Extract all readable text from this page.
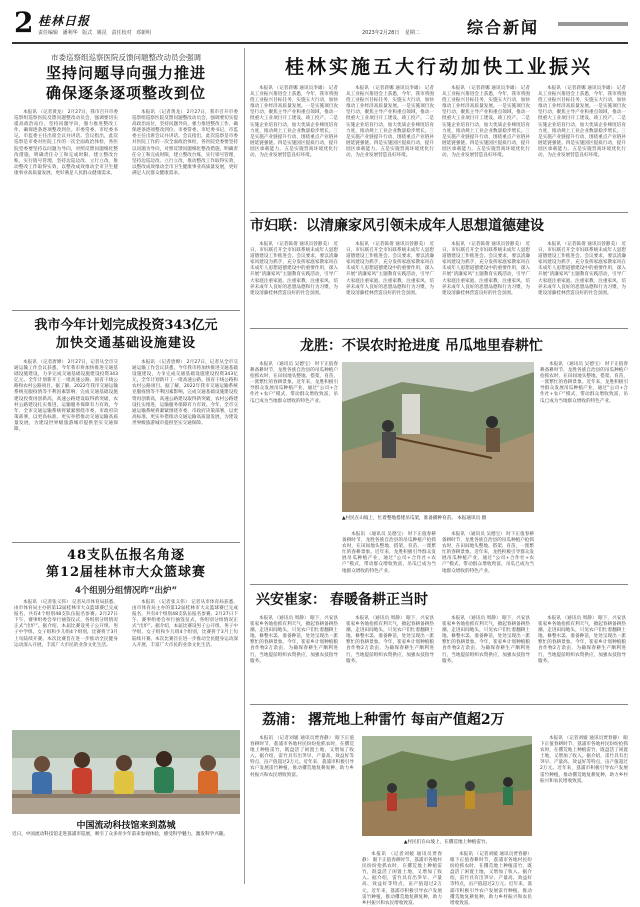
2 桂林日报
责任编辑 潘利华 版式 姚昆 责任校对 邓新明	2023年2月28日 星期二	综合新闻
市委巡察组巡察医院反馈问题整改动员会强调
坚持问题导向强力推进
确保逐条逐项整改到位
本报讯 （记者黄龙） 2月27日，我市召开市委巡察组巡察医院反馈问题整改动员会，强调要切实提高政治站位，坚持问题导向，强力推进整改工作，确保逐条逐项整改到位。市委常委、市纪委书记、市监委主任出席会议并讲话。会议指出，此次巡察是市委对医院工作的一次全面政治体检，各医院党委要坚持以问题为导向，对照反馈问题细化整改措施，明确责任分工和完成时限，建立整改台账，实行销号管理，坚持边巡边改、立行立改，推动整改工作取得实效，以整改成效推动全市卫生健康事业高质量发展，更好满足人民群众健康需求。
本报讯 （记者黄龙） 2月27日，我市召开市委巡察组巡察医院反馈问题整改动员会，强调要切实提高政治站位，坚持问题导向，强力推进整改工作，确保逐条逐项整改到位。市委常委、市纪委书记、市监委主任出席会议并讲话。会议指出，此次巡察是市委对医院工作的一次全面政治体检，各医院党委要坚持以问题为导向，对照反馈问题细化整改措施，明确责任分工和完成时限，建立整改台账，实行销号管理，坚持边巡边改、立行立改，推动整改工作取得实效，以整改成效推动全市卫生健康事业高质量发展，更好满足人民群众健康需求。
我市今年计划完成投资343亿元
加快交通基础设施建设
本报讯 （记者唐嫦） 2月27日，记者从全市交通运输工作会议获悉，今年我市将加快推进交通基础设施建设，力争完成交通基础设施建设投资343亿元，全年计划新开工一批高速公路、国省干线公路和农村公路项目。据了解，2022年我市交通运输系统克服疫情等不利因素影响，完成交通基础设施建设投资再创新高，高速公路建设取得新突破，农村公路建设扎实推进，运输服务保障有力有效。今年，全市交通运输系统将紧紧围绕市委、市政府决策部署，以更高标准、更实举措推动交通运输高质量发展，为建设世界级旅游城市提供坚实交通保障。
本报讯 （记者唐嫦） 2月27日，记者从全市交通运输工作会议获悉，今年我市将加快推进交通基础设施建设，力争完成交通基础设施建设投资343亿元，全年计划新开工一批高速公路、国省干线公路和农村公路项目。据了解，2022年我市交通运输系统克服疫情等不利因素影响，完成交通基础设施建设投资再创新高，高速公路建设取得新突破，农村公路建设扎实推进，运输服务保障有力有效。今年，全市交通运输系统将紧紧围绕市委、市政府决策部署，以更高标准、更实举措推动交通运输高质量发展，为建设世界级旅游城市提供坚实交通保障。
48支队伍报名角逐
第12届桂林市大众篮球赛
4个组别分组情况昨“出炉”
本报讯 （记者张义伟） 记者从市体育局获悉，由市体育局主办的第12届桂林市大众篮球赛已完成报名，共有4个组别48支队伍报名参赛。2月27日下午，赛事组委会举行抽签仪式，各组别分组情况正式“出炉”。据介绍，本届比赛设男子公开组、男子中学组、女子组和少儿组4个组别，比赛将于3月上旬陆续开赛。本次比赛旨在进一步推动全民健身运动深入开展，丰富广大市民的业余文化生活。
本报讯 （记者张义伟） 记者从市体育局获悉，由市体育局主办的第12届桂林市大众篮球赛已完成报名，共有4个组别48支队伍报名参赛。2月27日下午，赛事组委会举行抽签仪式，各组别分组情况正式“出炉”。据介绍，本届比赛设男子公开组、男子中学组、女子组和少儿组4个组别，比赛将于3月上旬陆续开赛。本次比赛旨在进一步推动全民健身运动深入开展，丰富广大市民的业余文化生活。
中国流动科技馆来到荔城
近日，中国流动科技馆走进荔浦市巡展，吸引了众多青少年前来参观体验，感受科学魅力，激发科学兴趣。
桂林实施五大行动加快工业振兴
本报讯 （记者蒋娜 通讯员李雄） 记者从工业振兴推进会上获悉，今年，我市将围绕工业振兴目标任务，实施五大行动，加快推动工业经济高质量发展。一是实施项目攻坚行动，聚焦主导产业和重点领域，推动一批重大工业项目开工建设、竣工投产。二是实施企业培育行动，加大优质企业梯度培育力度，推动规上工业企业数量稳步增长。三是实施产业链提升行动，围绕重点产业链补链延链强链。四是实施园区提质行动，提升园区承载能力。五是实施营商环境优化行动，为企业发展营造良好环境。
本报讯 （记者蒋娜 通讯员李雄） 记者从工业振兴推进会上获悉，今年，我市将围绕工业振兴目标任务，实施五大行动，加快推动工业经济高质量发展。一是实施项目攻坚行动，聚焦主导产业和重点领域，推动一批重大工业项目开工建设、竣工投产。二是实施企业培育行动，加大优质企业梯度培育力度，推动规上工业企业数量稳步增长。三是实施产业链提升行动，围绕重点产业链补链延链强链。四是实施园区提质行动，提升园区承载能力。五是实施营商环境优化行动，为企业发展营造良好环境。
本报讯 （记者蒋娜 通讯员李雄） 记者从工业振兴推进会上获悉，今年，我市将围绕工业振兴目标任务，实施五大行动，加快推动工业经济高质量发展。一是实施项目攻坚行动，聚焦主导产业和重点领域，推动一批重大工业项目开工建设、竣工投产。二是实施企业培育行动，加大优质企业梯度培育力度，推动规上工业企业数量稳步增长。三是实施产业链提升行动，围绕重点产业链补链延链强链。四是实施园区提质行动，提升园区承载能力。五是实施营商环境优化行动，为企业发展营造良好环境。
本报讯 （记者蒋娜 通讯员李雄） 记者从工业振兴推进会上获悉，今年，我市将围绕工业振兴目标任务，实施五大行动，加快推动工业经济高质量发展。一是实施项目攻坚行动，聚焦主导产业和重点领域，推动一批重大工业项目开工建设、竣工投产。二是实施企业培育行动，加大优质企业梯度培育力度，推动规上工业企业数量稳步增长。三是实施产业链提升行动，围绕重点产业链补链延链强链。四是实施园区提质行动，提升园区承载能力。五是实施营商环境优化行动，为企业发展营造良好环境。
市妇联：以清廉家风引领未成年人思想道德建设
本报讯 （记者陈倩 通讯员曾静美） 近日，市妇联召开全市妇联系统未成年人思想道德建设工作推进会。会议要求，要以清廉家风建设为抓手，充分发挥家庭家教家风在未成年人思想道德建设中的重要作用，深入开展“清廉家风”主题教育实践活动，引导广大家庭注重家庭、注重家教、注重家风，培养未成年人良好的思想品德和行为习惯，为建设清廉桂林营造良好的社会氛围。
本报讯 （记者陈倩 通讯员曾静美） 近日，市妇联召开全市妇联系统未成年人思想道德建设工作推进会。会议要求，要以清廉家风建设为抓手，充分发挥家庭家教家风在未成年人思想道德建设中的重要作用，深入开展“清廉家风”主题教育实践活动，引导广大家庭注重家庭、注重家教、注重家风，培养未成年人良好的思想品德和行为习惯，为建设清廉桂林营造良好的社会氛围。
本报讯 （记者陈倩 通讯员曾静美） 近日，市妇联召开全市妇联系统未成年人思想道德建设工作推进会。会议要求，要以清廉家风建设为抓手，充分发挥家庭家教家风在未成年人思想道德建设中的重要作用，深入开展“清廉家风”主题教育实践活动，引导广大家庭注重家庭、注重家教、注重家风，培养未成年人良好的思想品德和行为习惯，为建设清廉桂林营造良好的社会氛围。
本报讯 （记者陈倩 通讯员曾静美） 近日，市妇联召开全市妇联系统未成年人思想道德建设工作推进会。会议要求，要以清廉家风建设为抓手，充分发挥家庭家教家风在未成年人思想道德建设中的重要作用，深入开展“清廉家风”主题教育实践活动，引导广大家庭注重家庭、注重家教、注重家风，培养未成年人良好的思想品德和行为习惯，为建设清廉桂林营造良好的社会氛围。
龙胜：不误农时抢进度 吊瓜地里春耕忙
本报讯 （通讯员 吴德宝） 时下正值春耕备耕时节，龙胜各族自治县的吊瓜种植户抢抓农时，在田间地头整地、搭架、育苗，一派繁忙的春耕景象。近年来，龙胜积极引导群众发展吊瓜种植产业，通过“公司+合作社+农户”模式，带动群众增收致富，吊瓜已成为当地群众增收的特色产业。
▲村民在山坡上，忙着整地搭建吊瓜架，准备播种育苗。 本报通讯员 摄
本报讯 （通讯员 吴德宝） 时下正值春耕备耕时节，龙胜各族自治县的吊瓜种植户抢抓农时，在田间地头整地、搭架、育苗，一派繁忙的春耕景象。近年来，龙胜积极引导群众发展吊瓜种植产业，通过“公司+合作社+农户”模式，带动群众增收致富，吊瓜已成为当地群众增收的特色产业。
本报讯 （通讯员 吴德宝） 时下正值春耕备耕时节，龙胜各族自治县的吊瓜种植户抢抓农时，在田间地头整地、搭架、育苗，一派繁忙的春耕景象。近年来，龙胜积极引导群众发展吊瓜种植产业，通过“公司+合作社+农户”模式，带动群众增收致富，吊瓜已成为当地群众增收的特色产业。
本报讯 （通讯员 吴德宝） 时下正值春耕备耕时节，龙胜各族自治县的吊瓜种植户抢抓农时，在田间地头整地、搭架、育苗，一派繁忙的春耕景象。近年来，龙胜积极引导群众发展吊瓜种植产业，通过“公司+合作社+农户”模式，带动群众增收致富，吊瓜已成为当地群众增收的特色产业。
兴安崔家： 春暖备耕正当时
本报讯 （通讯员 周静） 眼下，兴安县崔家乡各地抢抓有利天气，掀起春耕备耕热潮。走进田间地头，只见农户们忙着翻耕土地、修整水渠、准备种苗，处处呈现出一派繁忙的春耕景象。今年，崔家乡计划种植粮食作物2万余亩，为确保春耕生产顺利进行，当地提前组织农资供应，加强农技指导服务。
本报讯 （通讯员 周静） 眼下，兴安县崔家乡各地抢抓有利天气，掀起春耕备耕热潮。走进田间地头，只见农户们忙着翻耕土地、修整水渠、准备种苗，处处呈现出一派繁忙的春耕景象。今年，崔家乡计划种植粮食作物2万余亩，为确保春耕生产顺利进行，当地提前组织农资供应，加强农技指导服务。
本报讯 （通讯员 周静） 眼下，兴安县崔家乡各地抢抓有利天气，掀起春耕备耕热潮。走进田间地头，只见农户们忙着翻耕土地、修整水渠、准备种苗，处处呈现出一派繁忙的春耕景象。今年，崔家乡计划种植粮食作物2万余亩，为确保春耕生产顺利进行，当地提前组织农资供应，加强农技指导服务。
本报讯 （通讯员 周静） 眼下，兴安县崔家乡各地抢抓有利天气，掀起春耕备耕热潮。走进田间地头，只见农户们忙着翻耕土地、修整水渠、准备种苗，处处呈现出一派繁忙的春耕景象。今年，崔家乡计划种植粮食作物2万余亩，为确保春耕生产顺利进行，当地提前组织农资供应，加强农技指导服务。
荔浦： 撂荒地上种雷竹 每亩产值超2万
本报讯 （记者刘媛 通讯员贾春静） 眼下正值春耕时节，荔浦市各地村民纷纷抢抓农时，在撂荒地上种植雷竹，既盘活了闲置土地，又增加了收入。据介绍，雷竹具有出笋早、产量高、效益好等特点，亩产值超过2万元。近年来，荔浦市积极引导农户发展雷竹种植，推动撂荒地复耕复种，助力乡村振兴和农民增收致富。
▲村民们在山坡上，在撂荒地上种植雷竹。
本报讯 （记者刘媛 通讯员贾春静） 眼下正值春耕时节，荔浦市各地村民纷纷抢抓农时，在撂荒地上种植雷竹，既盘活了闲置土地，又增加了收入。据介绍，雷竹具有出笋早、产量高、效益好等特点，亩产值超过2万元。近年来，荔浦市积极引导农户发展雷竹种植，推动撂荒地复耕复种，助力乡村振兴和农民增收致富。
本报讯 （记者刘媛 通讯员贾春静） 眼下正值春耕时节，荔浦市各地村民纷纷抢抓农时，在撂荒地上种植雷竹，既盘活了闲置土地，又增加了收入。据介绍，雷竹具有出笋早、产量高、效益好等特点，亩产值超过2万元。近年来，荔浦市积极引导农户发展雷竹种植，推动撂荒地复耕复种，助力乡村振兴和农民增收致富。
本报讯 （记者刘媛 通讯员贾春静） 眼下正值春耕时节，荔浦市各地村民纷纷抢抓农时，在撂荒地上种植雷竹，既盘活了闲置土地，又增加了收入。据介绍，雷竹具有出笋早、产量高、效益好等特点，亩产值超过2万元。近年来，荔浦市积极引导农户发展雷竹种植，推动撂荒地复耕复种，助力乡村振兴和农民增收致富。
